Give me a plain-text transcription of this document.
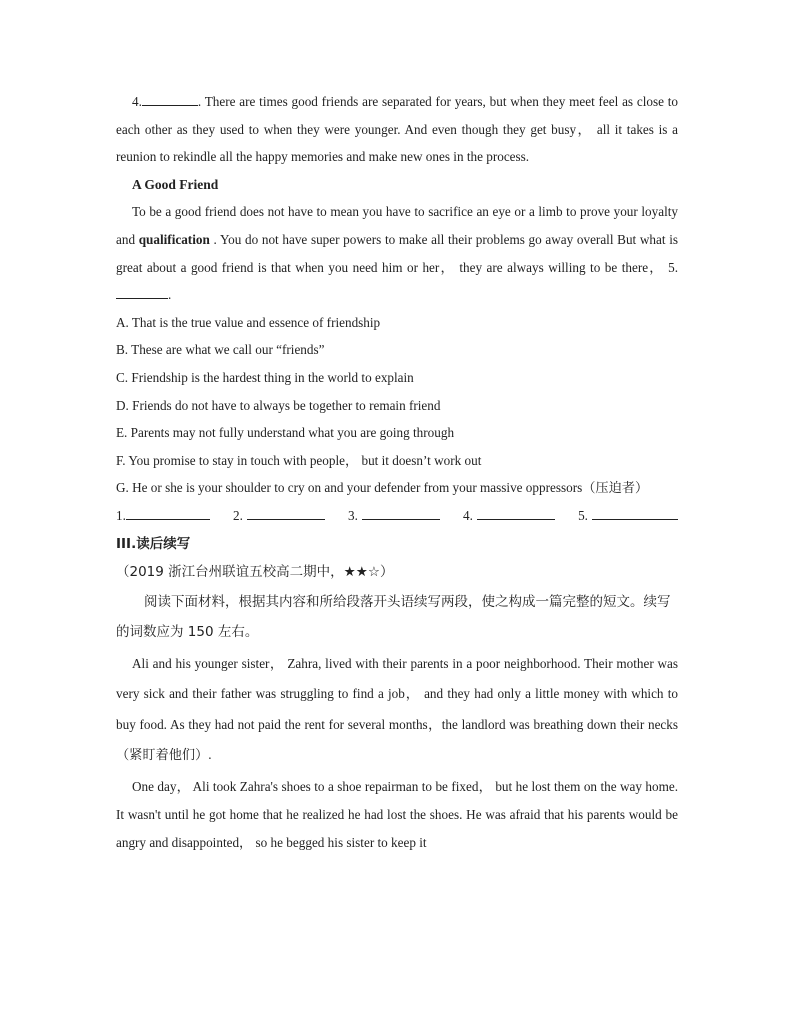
4.	. There are times good friends are separated for years, but when they meet feel as close to each other as they used to when they were younger. And even though they get busy， all it takes is a reunion to rekindle all the happy memories and make new ones in the process.

A Good Friend

To be a good friend does not have to mean you have to sacrifice an eye or a limb to prove your loyalty and qualification . You do not have super powers to make all their problems go away overall But what is great about a good friend is that when you need him or her， they are always willing to be there， 5..

A. That is the true value and essence of friendship

B. These are what we call our “friends”

C. Friendship is the hardest thing in the world to explain

D. Friends do not have to always be together to remain friend

E. Parents may not fully understand what you are going through

F. You promise to stay in touch with people， but it doesn’t work out

G. He or she is your shoulder to cry on and your defender from your massive oppressors（压迫者）

1.	2.	3.	4.	5.

III.读后续写

（2019 浙江台州联谊五校高二期中，★★☆）

阅读下面材料，根据其内容和所给段落开头语续写两段，使之构成一篇完整的短文。续写的词数应为 150 左右。

Ali and his younger sister， Zahra, lived with their parents in a poor neighborhood. Their mother was very sick and their father was struggling to find a job， and they had only a little money with which to buy food. As they had not paid the rent for several months，the landlord was breathing down their necks（紧盯着他们）.

One day， Ali took Zahra's shoes to a shoe repairman to be fixed， but he lost them on the way home. It wasn't until he got home that he realized he had lost the shoes. He was afraid that his parents would be angry and disappointed， so he begged his sister to keep it
